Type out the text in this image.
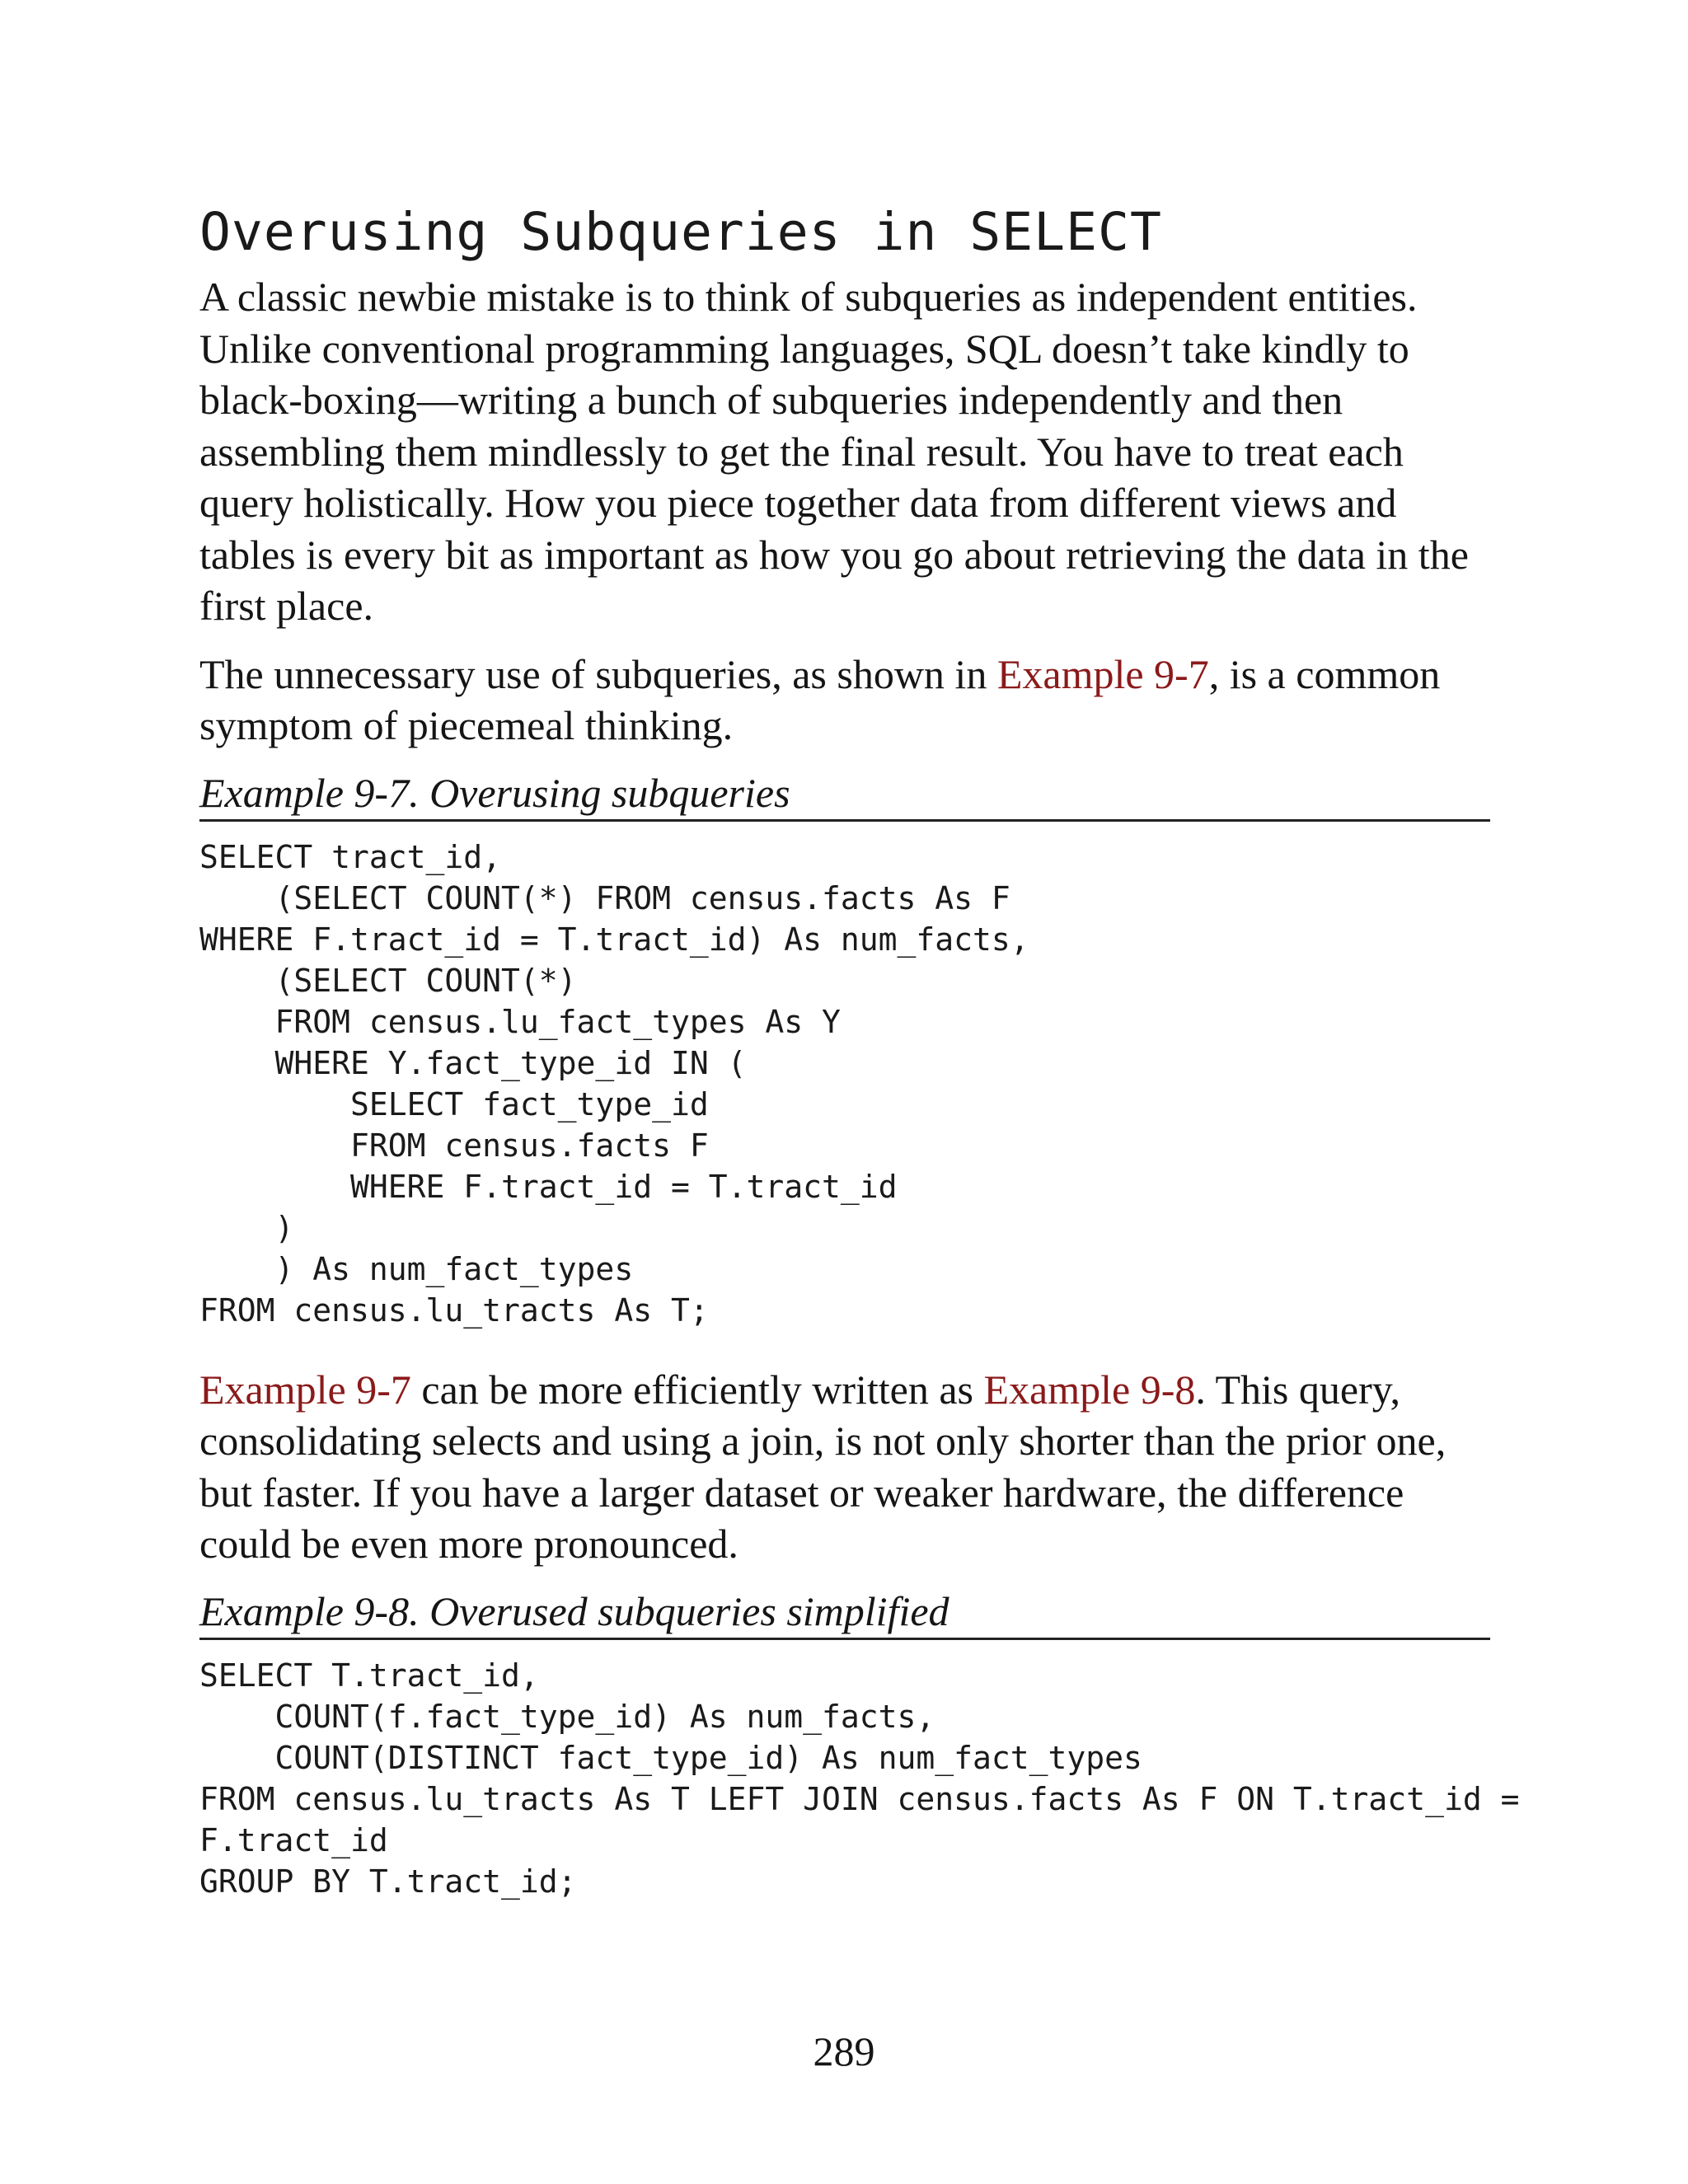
Overusing Subqueries in SELECT

A classic newbie mistake is to think of subqueries as independent entities. Unlike conventional programming languages, SQL doesn’t take kindly to black-boxing—writing a bunch of subqueries independently and then assembling them mindlessly to get the final result. You have to treat each query holistically. How you piece together data from different views and tables is every bit as important as how you go about retrieving the data in the first place.

The unnecessary use of subqueries, as shown in Example 9-7, is a common symptom of piecemeal thinking.

Example 9-7. Overusing subqueries
SELECT tract_id,
(SELECT COUNT(*) FROM census.facts As F
WHERE F.tract_id = T.tract_id) As num_facts,
(SELECT COUNT(*)
FROM census.lu_fact_types As Y
WHERE Y.fact_type_id IN (
SELECT fact_type_id
FROM census.facts F
WHERE F.tract_id = T.tract_id
)
) As num_fact_types
FROM census.lu_tracts As T;

Example 9-7 can be more efficiently written as Example 9-8. This query, consolidating selects and using a join, is not only shorter than the prior one, but faster. If you have a larger dataset or weaker hardware, the difference could be even more pronounced.

Example 9-8. Overused subqueries simplified
SELECT T.tract_id,
COUNT(f.fact_type_id) As num_facts,
COUNT(DISTINCT fact_type_id) As num_fact_types
FROM census.lu_tracts As T LEFT JOIN census.facts As F ON T.tract_id =
F.tract_id
GROUP BY T.tract_id;
289
